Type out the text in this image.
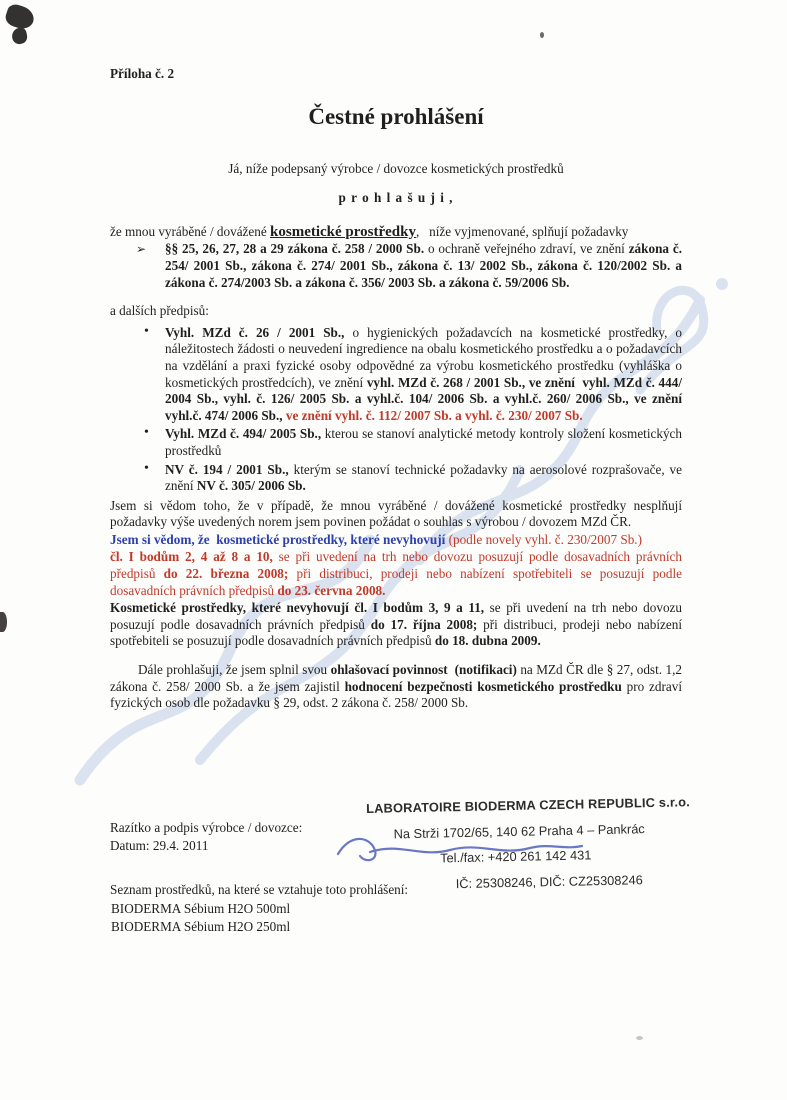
Příloha č. 2

Čestné prohlášení

Já, níže podepsaný výrobce / dovozce kosmetických prostředků

p r o h l a š u j i ,

že mnou vyráběné / dovážené kosmetické prostředky,   níže vyjmenované, splňují požadavky

➢ §§ 25, 26, 27, 28 a 29 zákona č. 258 / 2000 Sb. o ochraně veřejného zdraví, ve znění zákona č. 254/ 2001 Sb., zákona č. 274/ 2001 Sb., zákona č. 13/ 2002 Sb., zákona č. 120/2002 Sb. a zákona č. 274/2003 Sb. a zákona č. 356/ 2003 Sb. a zákona č. 59/2006 Sb.

a dalších předpisů:

• Vyhl. MZd č. 26 / 2001 Sb., o hygienických požadavcích na kosmetické prostředky, o náležitostech žádosti o neuvedení ingredience na obalu kosmetického prostředku a o požadavcích na vzdělání a praxi fyzické osoby odpovědné za výrobu kosmetického prostředku (vyhláška o kosmetických prostředcích), ve znění vyhl. MZd č. 268 / 2001 Sb., ve znění  vyhl. MZd č. 444/ 2004 Sb., vyhl. č. 126/ 2005 Sb. a vyhl.č. 104/ 2006 Sb. a vyhl.č. 260/ 2006 Sb., ve znění vyhl.č. 474/ 2006 Sb., ve znění vyhl. č. 112/ 2007 Sb. a vyhl. č. 230/ 2007 Sb.
• Vyhl. MZd č. 494/ 2005 Sb., kterou se stanoví analytické metody kontroly složení kosmetických prostředků
• NV č. 194 / 2001 Sb., kterým se stanoví technické požadavky na aerosolové rozprašovače, ve znění NV č. 305/ 2006 Sb.

Jsem si vědom toho, že v případě, že mnou vyráběné / dovážené kosmetické prostředky nesplňují požadavky výše uvedených norem jsem povinen požádat o souhlas s výrobou / dovozem MZd ČR.

Jsem si vědom, že  kosmetické prostředky, které nevyhovují (podle novely vyhl. č. 230/2007 Sb.)

čl. I bodům 2, 4 až 8 a 10, se při uvedení na trh nebo dovozu posuzují podle dosavadních právních předpisů do 22. března 2008; při distribuci, prodeji nebo nabízení spotřebiteli se posuzují podle dosavadních právních předpisů do 23. června 2008.

Kosmetické prostředky, které nevyhovují čl. I bodům 3, 9 a 11, se při uvedení na trh nebo dovozu posuzují podle dosavadních právních předpisů do 17. října 2008; při distribuci, prodeji nebo nabízení spotřebiteli se posuzují podle dosavadních právních předpisů do 18. dubna 2009.

Dále prohlašuji, že jsem splnil svou ohlašovací povinnost  (notifikaci) na MZd ČR dle § 27, odst. 1,2 zákona č. 258/ 2000 Sb. a že jsem zajistil hodnocení bezpečnosti kosmetického prostředku pro zdraví fyzických osob dle požadavku § 29, odst. 2 zákona č. 258/ 2000 Sb.

Razítko a podpis výrobce / dovozce:

Datum: 29.4. 2011

LABORATOIRE BIODERMA CZECH REPUBLIC s.r.o.

Na Strži 1702/65, 140 62 Praha 4 – Pankrác

Tel./fax: +420 261 142 431

IČ: 25308246, DIČ: CZ25308246

Seznam prostředků, na které se vztahuje toto prohlášení:

BIODERMA Sébium H2O 500ml

BIODERMA Sébium H2O 250ml
